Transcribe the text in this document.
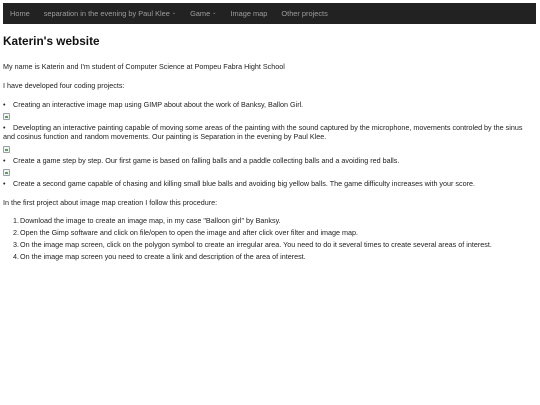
Home separation in the evening by Paul Klee ⌄ Game ⌄ Image map Other projects
Katerin's website

My name is Katerin and I'm student of Computer Science at Pompeu Fabra Hight School

I have developed four coding projects:

•	Creating an interactive image map using GIMP about about the work of Banksy, Ballon Girl.
•	Developting an interactive painting capable of moving some areas of the painting with the sound captured by the microphone, movements controled by the sinus and cosinus function and random movements. Our painting is Separation in the evening by Paul Klee.
•	Create a game step by step. Our first game is based on falling balls and a paddle collecting balls and a avoiding red balls.
•	Create a second game capable of chasing and killing small blue balls and avoiding big yellow balls. The game difficulty increases with your score.

In the first project about image map creation I follow this procedure:

1.Download the image to create an image map, in my case "Balloon girl" by Banksy.
2.Open the Gimp software and click on file/open to open the image and after click over filter and image map.
3.On the image map screen, click on the polygon symbol to create an irregular area. You need to do it several times to create several areas of interest.
4.On the image map screen you need to create a link and description of the area of interest.
